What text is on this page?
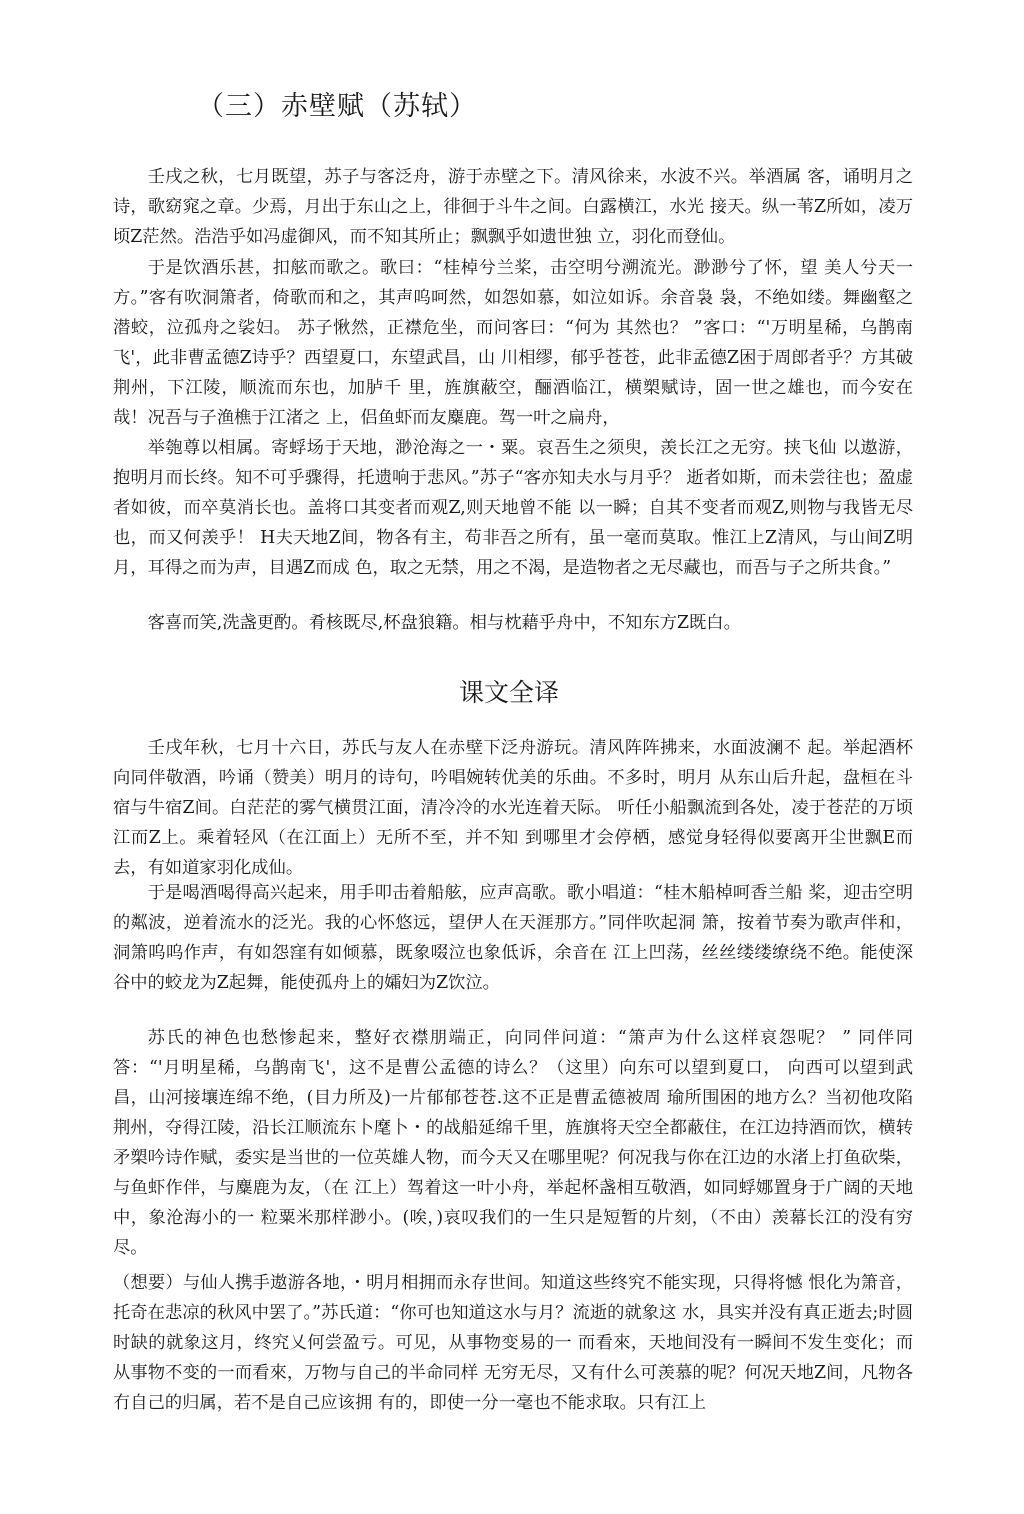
（三）赤壁赋（苏轼）

壬戌之秋，七月既望，苏子与客泛舟，游于赤壁之下。清风徐来，水波不兴。举酒属 客，诵明月之诗，歌窈窕之章。少焉，月出于东山之上，徘徊于斗牛之间。白露横江，水光 接天。纵一苇Z所如，凌万顷Z茫然。浩浩乎如冯虚御风，而不知其所止；飘飘乎如遗世独 立，羽化而登仙。

于是饮酒乐甚，扣舷而歌之。歌曰：“桂棹兮兰桨，击空明兮溯流光。渺渺兮了怀，望 美人兮天一方。”客有吹洞箫者，倚歌而和之，其声呜呵然，如怨如慕，如泣如诉。余音袅 袅，不绝如缕。舞幽壑之潜蛟，泣孤舟之裟妇。 苏子愀然，正襟危坐，而问客曰：“何为 其然也？ ”客口：“'万明星稀，乌鹊南飞'，此非曹孟德Z诗乎？西望夏口，东望武昌，山 川相缪，郁乎苍苍，此非孟德Z困于周郎者乎？方其破荆州，下江陵，顺流而东也，加胪千 里，旌旗蔽空，酾酒临江，横槊赋诗，固一世之雄也，而今安在哉！况吾与子渔樵于江渚之 上，侣鱼虾而友麋鹿。驾一叶之扁舟，

举匏尊以相属。寄蜉场于天地，渺沧海之一・粟。哀吾生之须臾，羡长江之无穷。挟飞仙 以遨游，抱明月而长终。知不可乎骤得，托遗响于悲风。”苏子“客亦知夫水与月乎？ 逝者如斯，而未尝往也；盈虚者如彼，而卒莫消长也。盖将口其变者而观Z,则天地曾不能 以一瞬；自其不变者而观Z,则物与我皆无尽也，而又何羡乎！ H夫天地Z间，物各有主，苟非吾之所有，虽一毫而莫取。惟江上Z清风，与山间Z明月，耳得之而为声，目遇Z而成 色，取之无禁，用之不渴，是造物者之无尽藏也，而吾与子之所共食。”

客喜而笑,洗盏更酌。肴核既尽,杯盘狼籍。相与枕藉乎舟中，不知东方Z既白。

课文全译

壬戌年秋，七月十六日，苏氏与友人在赤壁下泛舟游玩。清风阵阵拂来，水面波澜不 起。举起酒杯向同伴敬酒，吟诵（赞美）明月的诗句，吟唱婉转优美的乐曲。不多时，明月 从东山后升起，盘桓在斗宿与牛宿Z间。白茫茫的雾气横贯江面，清冷冷的水光连着天际。 听任小船飘流到各处，凌于苍茫的万顷江而Z上。乘着轻风（在江面上）无所不至，并不知 到哪里才会停栖，感觉身轻得似要离开尘世飘E而去，有如道家羽化成仙。

于是喝酒喝得高兴起来，用手叩击着船舷，应声高歌。歌小唱道：“桂木船棹呵香兰船 桨，迎击空明的粼波，逆着流水的泛光。我的心怀悠远，望伊人在天涯那方。”同伴吹起洞 箫，按着节奏为歌声伴和，洞箫呜呜作声，有如怨窪有如倾慕，既象啜泣也象低诉，余音在 江上凹荡，丝丝缕缕缭绕不绝。能使深谷中的蛟龙为Z起舞，能使孤舟上的孀妇为Z饮泣。

苏氏的神色也愁惨起来，整好衣襟朋端正，向同伴问道：“箫声为什么这样哀怨呢？ ” 同伴同答：“'月明星稀，乌鹊南飞'，这不是曹公孟德的诗么？（这里）向东可以望到夏口， 向西可以望到武昌，山河接壤连绵不绝，(目力所及)一片郁郁苍苍.这不正是曹孟德被周 瑜所围困的地方么？当初他攻陷荆州，夺得江陵，沿长江顺流东卜麾卜・的战船延绵千里，旌旗将天空全都蔽住，在江边持酒而饮，横转矛槊吟诗作赋，委实是当世的一位英雄人物，而今天又在哪里呢？何况我与你在江边的水渚上打鱼砍柴，与鱼虾作伴，与麋鹿为友，（在 江上）驾着这一叶小舟，举起杯盏相互敬酒，如同蜉娜置身于广阔的天地中，象沧海小的一 粒粟米那样渺小。(唉，)哀叹我们的一生只是短暂的片刻，（不由）羡幕长江的没有穷尽。

（想要）与仙人携手遨游各地，・明月相拥而永存世间。知道这些终究不能实现，只得将憾 恨化为箫音，托奇在悲凉的秋风中罢了。”苏氏道：“你可也知道这水与月？流逝的就象这 水，具实并没有真正逝去;时圆时缺的就象这月，终究乂何尝盈亏。可见，从事物变易的一 而看來，天地间没有一瞬间不发生变化；而从事物不变的一而看來，万物与自己的半命同样 无穷无尽，又有什么可羡慕的呢？何况天地Z间，凡物各冇自己的归属，若不是自己应该拥 有的，即使一分一毫也不能求取。只有江上
